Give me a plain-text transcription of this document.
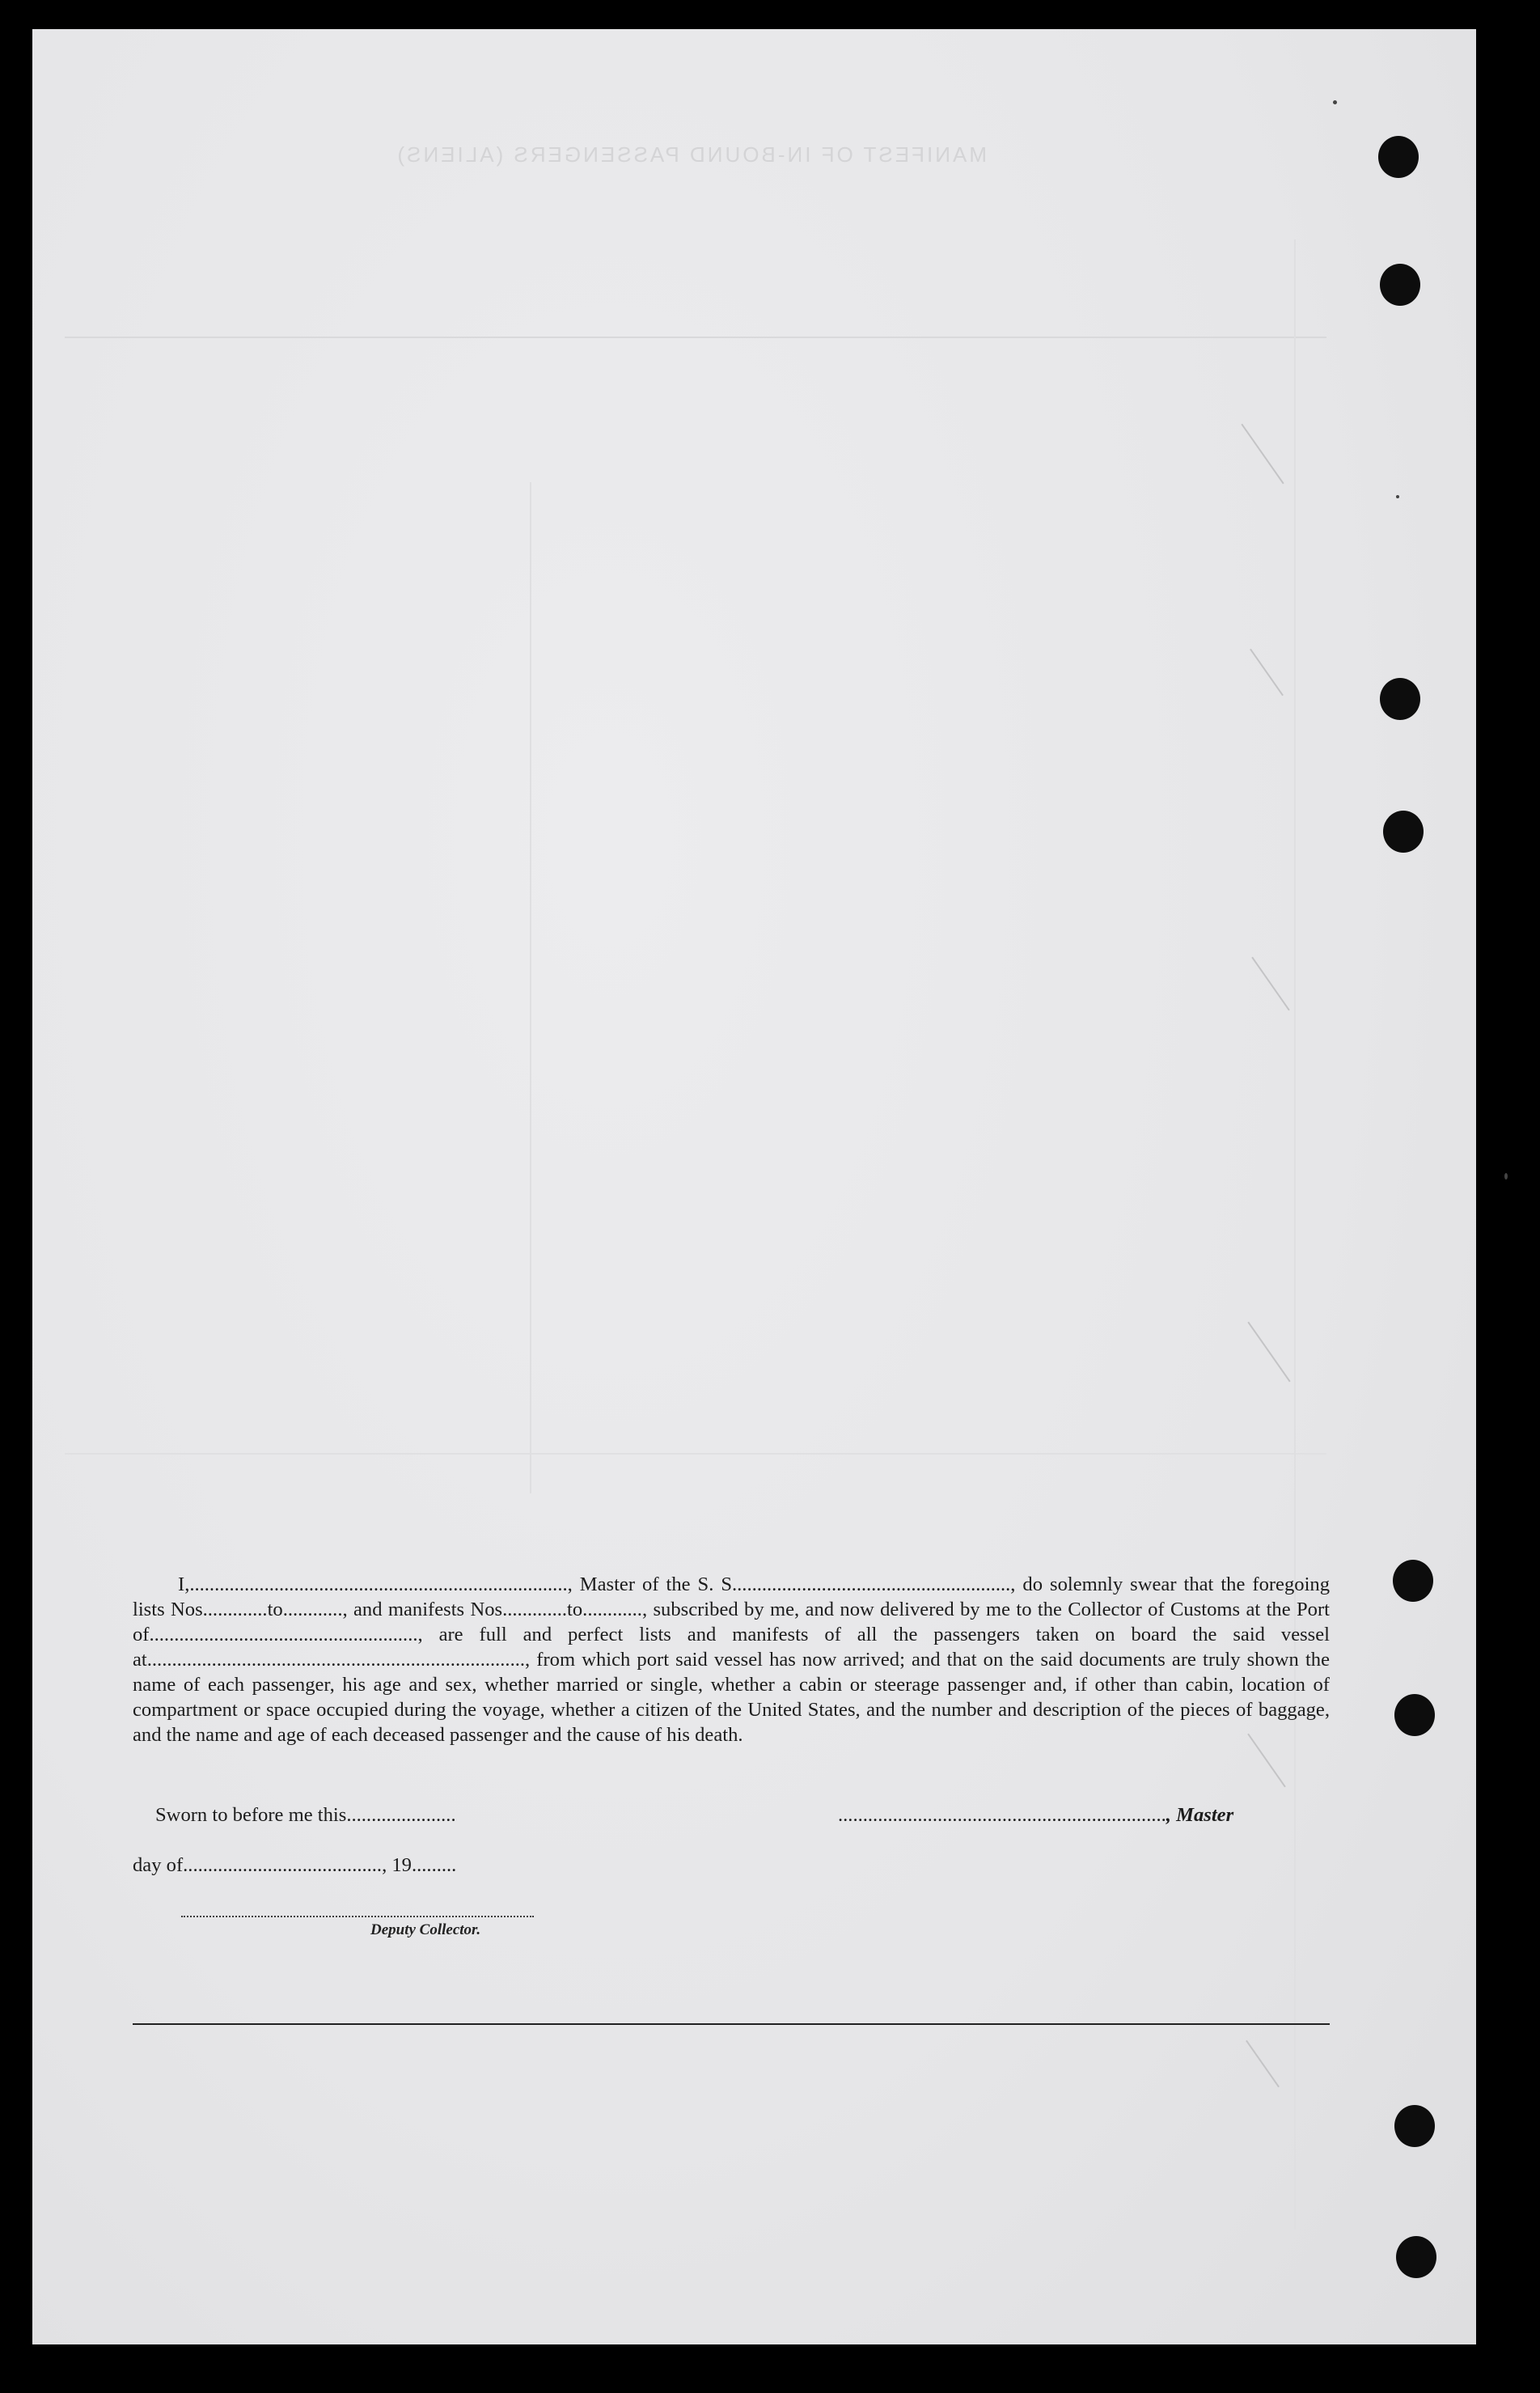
MANIFEST OF IN-BOUND PASSENGERS (ALIENS)

I,............................................................................, Master of the S. S........................................................, do solemnly swear that the foregoing lists Nos.............to............, and manifests Nos.............to............, subscribed by me, and now delivered by me to the Collector of Customs at the Port of......................................................, are full and perfect lists and manifests of all the passengers taken on board the said vessel at............................................................................, from which port said vessel has now arrived; and that on the said documents are truly shown the name of each passenger, his age and sex, whether married or single, whether a cabin or steerage passenger and, if other than cabin, location of compartment or space occupied during the voyage, whether a citizen of the United States, and the number and description of the pieces of baggage, and the name and age of each deceased passenger and the cause of his death.

Sworn to before me this......................	.................................................................., Master
day of........................................, 19.........
Deputy Collector.
